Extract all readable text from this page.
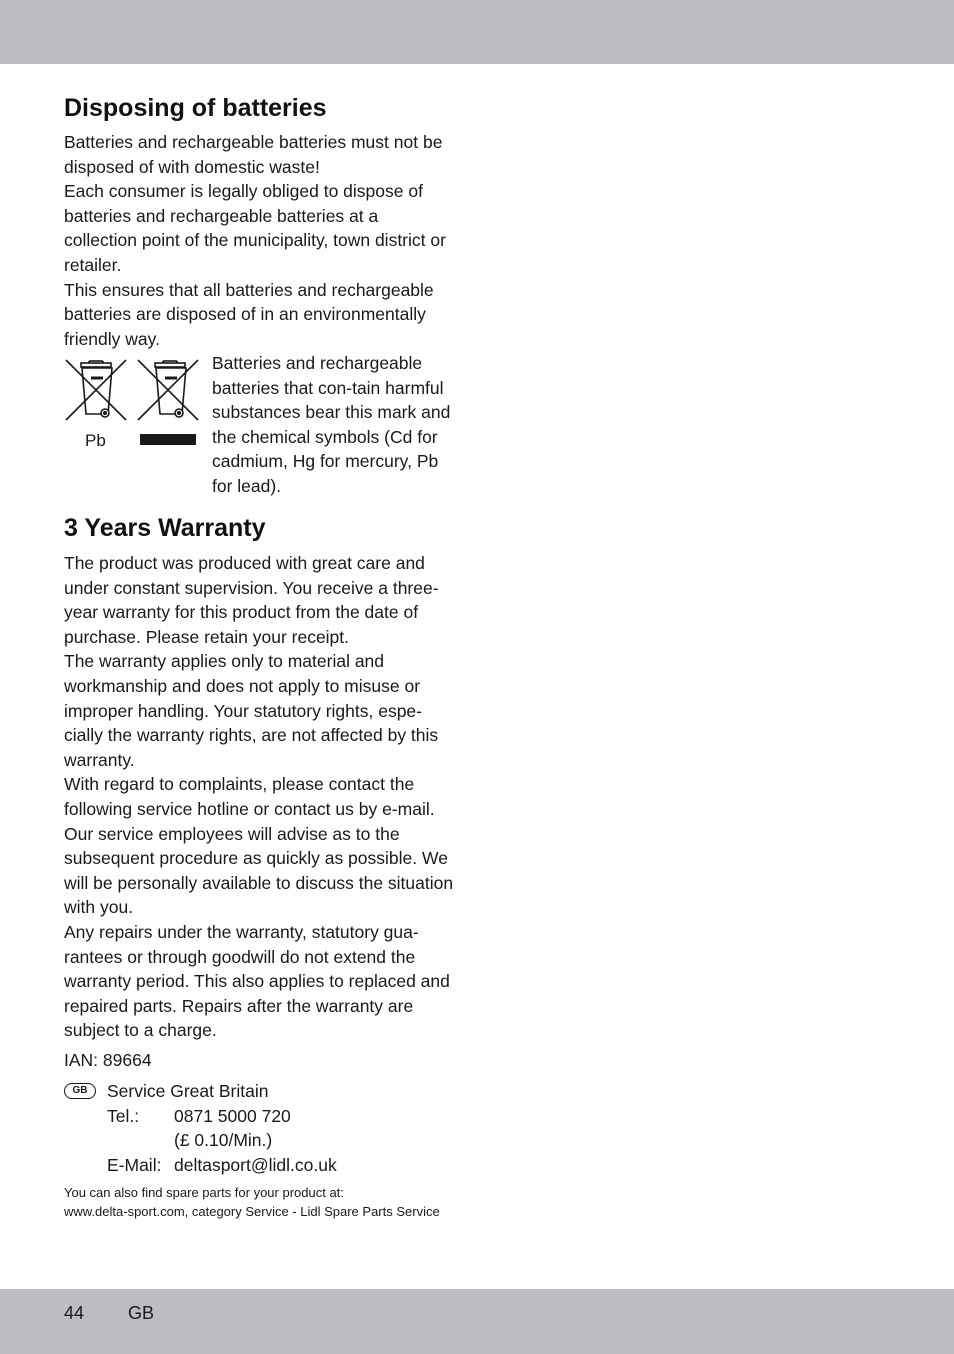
Disposing of batteries

Batteries and rechargeable batteries must not be disposed of with domestic waste!

Each consumer is legally obliged to dispose of batteries and rechargeable batteries at a collection point of the municipality, town district or retailer.

This ensures that all batteries and rechargeable batteries are disposed of in an environmentally friendly way.

Pb
Batteries and rechargeable batteries that con-tain harmful substances bear this mark and the chemical symbols (Cd for cadmium, Hg for mercury, Pb for lead).
3 Years Warranty

The product was produced with great care and under constant supervision. You receive a three-year warranty for this product from the date of purchase. Please retain your receipt.

The warranty applies only to material and workmanship and does not apply to misuse or improper handling. Your statutory rights, espe-cially the warranty rights, are not affected by this warranty.

With regard to complaints, please contact the following service hotline or contact us by e-mail. Our service employees will advise as to the subsequent procedure as quickly as possible. We will be personally available to discuss the situation with you.

Any repairs under the warranty, statutory gua-rantees or through goodwill do not extend the warranty period. This also applies to replaced and repaired parts. Repairs after the warranty are subject to a charge.

IAN: 89664
GB	Service Great Britain
Tel.: 0871 5000 720
(£ 0.10/Min.)
E-Mail: deltasport@lidl.co.uk

You can also find spare parts for your product at:

www.delta-sport.com, category Service - Lidl Spare Parts Service

44 GB
